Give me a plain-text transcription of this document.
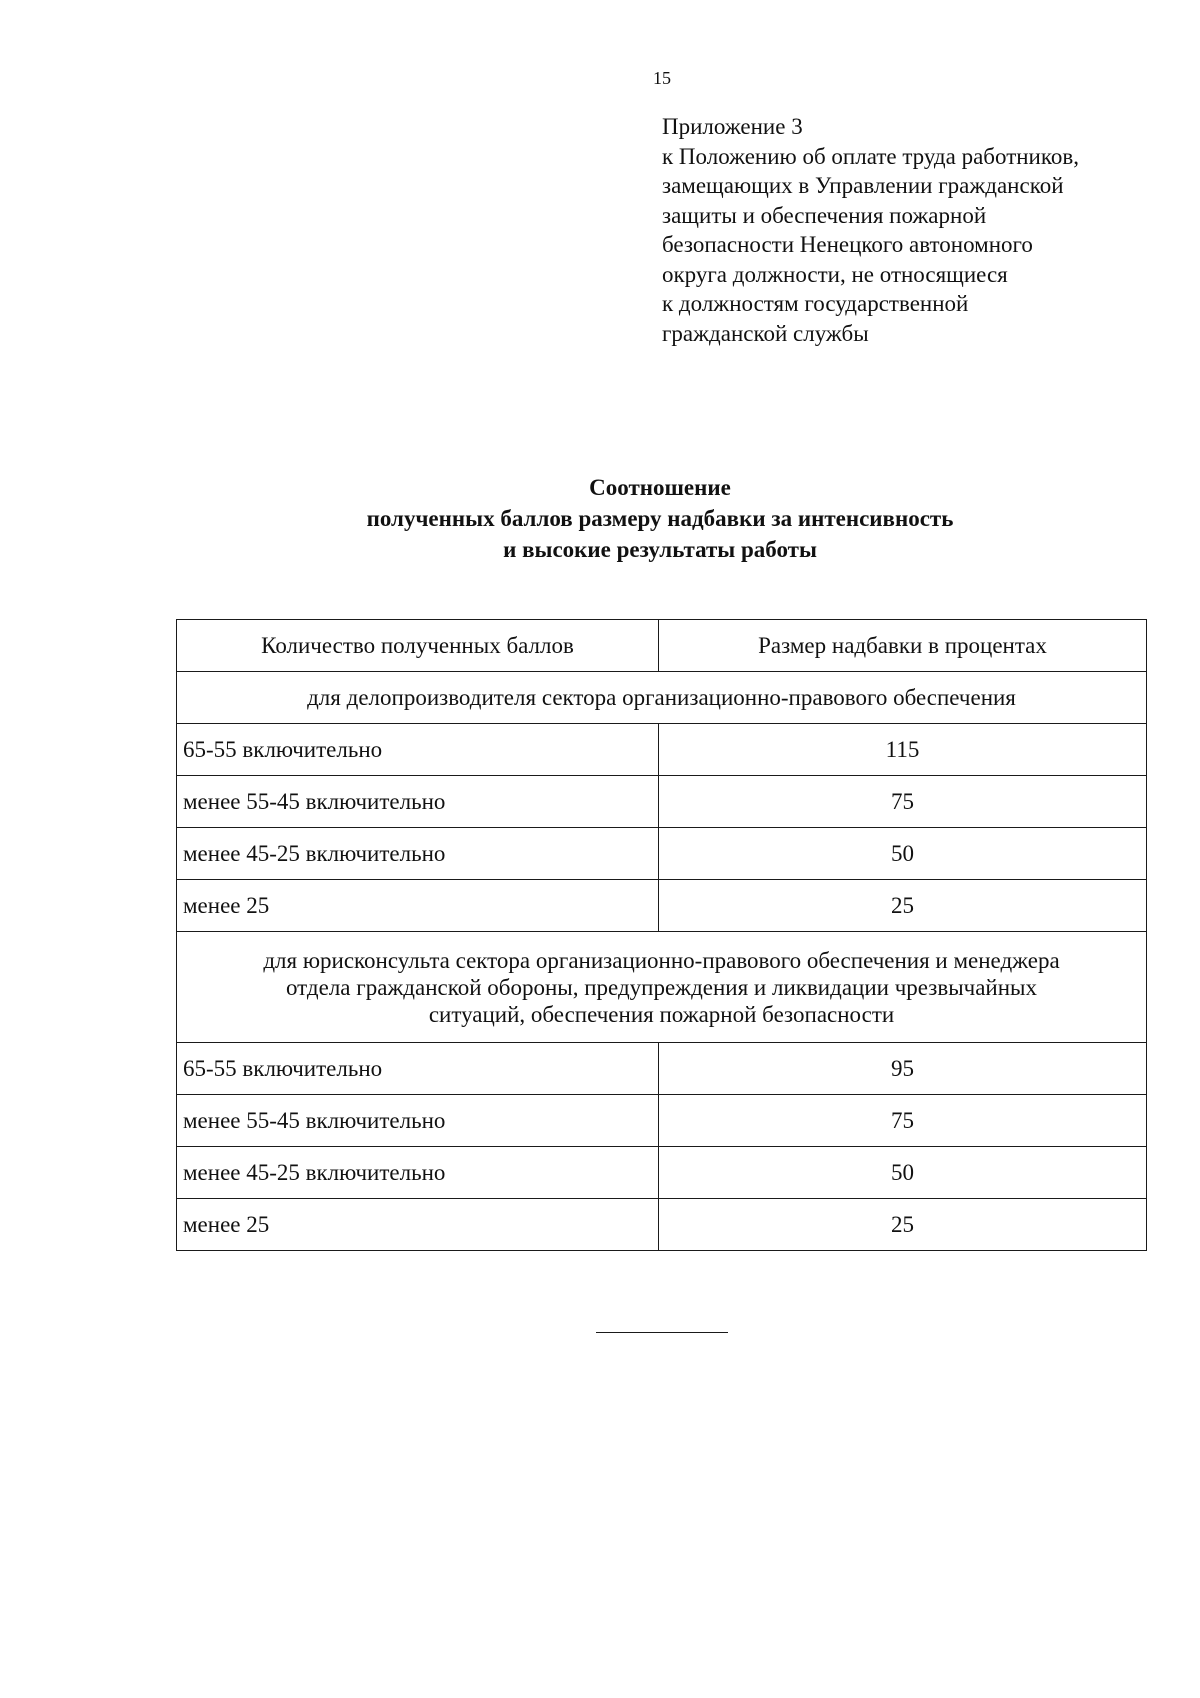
15
Приложение 3
к Положению об оплате труда работников,
замещающих в Управлении гражданской
защиты и обеспечения пожарной
безопасности Ненецкого автономного
округа должности, не относящиеся
к должностям государственной
гражданской службы
Соотношение
полученных баллов размеру надбавки за интенсивность
и высокие результаты работы
Количество полученных баллов	Размер надбавки в процентах

для делопроизводителя сектора организационно-правового обеспечения	

65-55 включительно	115
менее 55-45 включительно	75
менее 45-25 включительно	50
менее 25	25

для юрисконсульта сектора организационно-правового обеспечения и менеджера
отдела гражданской обороны, предупреждения и ликвидации чрезвычайных
ситуаций, обеспечения пожарной безопасности	

65-55 включительно	95
менее 55-45 включительно	75
менее 45-25 включительно	50
менее 25	25
